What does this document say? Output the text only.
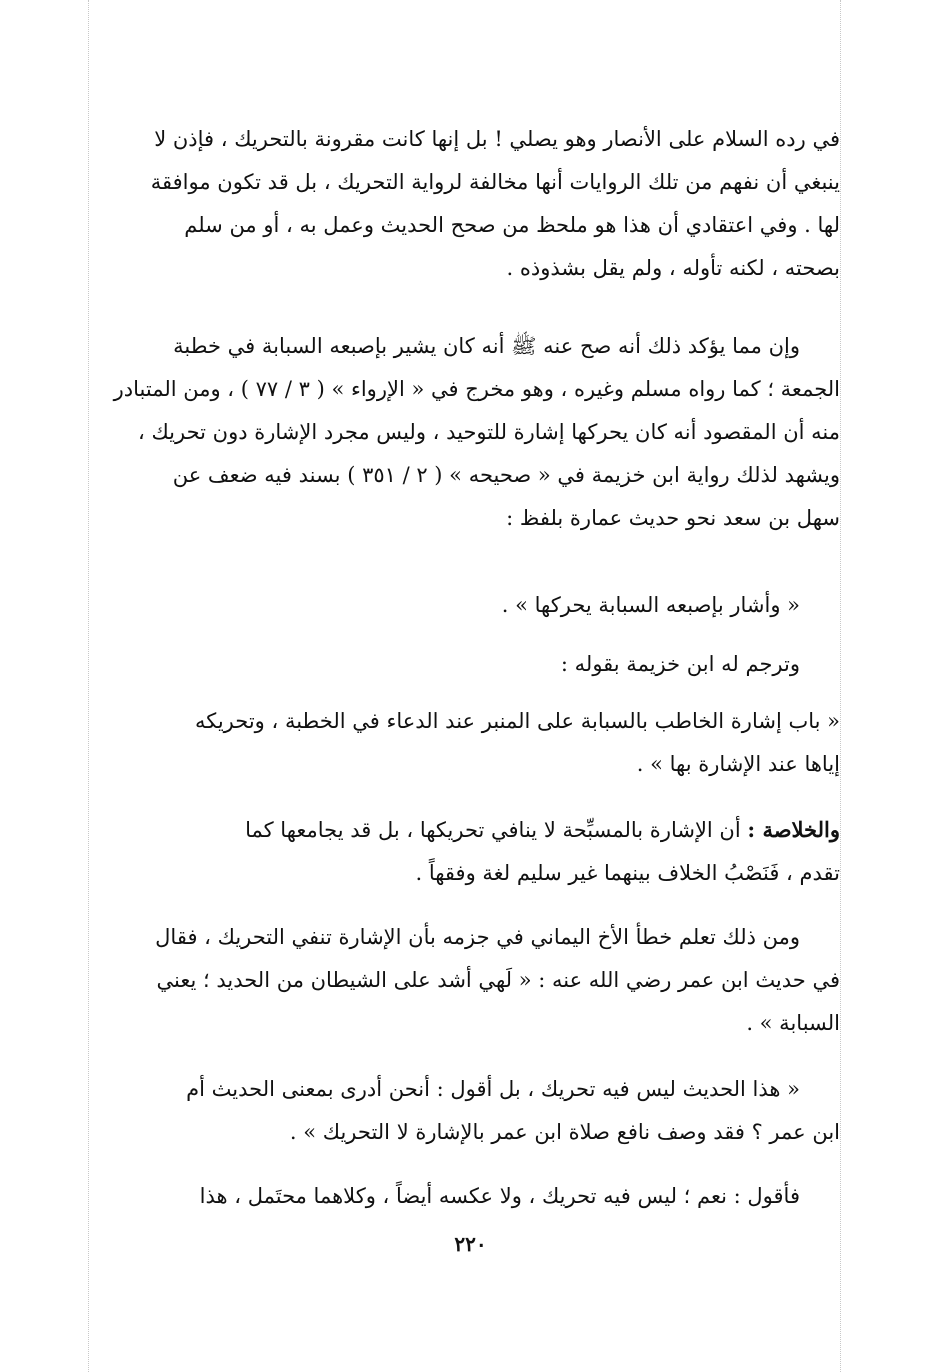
في رده السلام على الأنصار وهو يصلي ! بل إنها كانت مقرونة بالتحريك ، فإذن لا
ينبغي أن نفهم من تلك الروايات أنها مخالفة لرواية التحريك ، بل قد تكون موافقة
لها . وفي اعتقادي أن هذا هو ملحظ من صحح الحديث وعمل به ، أو من سلم
بصحته ، لكنه تأوله ، ولم يقل بشذوذه .
وإن مما يؤكد ذلك أنه صح عنه ﷺ أنه كان يشير بإصبعه السبابة في خطبة
الجمعة ؛ كما رواه مسلم وغيره ، وهو مخرج في « الإرواء » ( ٣ / ٧٧ ) ، ومن المتبادر
منه أن المقصود أنه كان يحركها إشارة للتوحيد ، وليس مجرد الإشارة دون تحريك ،
ويشهد لذلك رواية ابن خزيمة في « صحيحه » ( ٢ / ٣٥١ ) بسند فيه ضعف عن
سهل بن سعد نحو حديث عمارة بلفظ :
« وأشار بإصبعه السبابة يحركها » .
وترجم له ابن خزيمة بقوله :
« باب إشارة الخاطب بالسبابة على المنبر عند الدعاء في الخطبة ، وتحريكه
إياها عند الإشارة بها » .
والخلاصة : أن الإشارة بالمسبِّحة لا ينافي تحريكها ، بل قد يجامعها كما
تقدم ، فَنَصْبُ الخلاف بينهما غير سليم لغة وفقهاً .
ومن ذلك تعلم خطأ الأخ اليماني في جزمه بأن الإشارة تنفي التحريك ، فقال
في حديث ابن عمر رضي الله عنه : « لَهي أشد على الشيطان من الحديد ؛ يعني
السبابة » .
« هذا الحديث ليس فيه تحريك ، بل أقول : أنحن أدرى بمعنى الحديث أم
ابن عمر ؟ فقد وصف نافع صلاة ابن عمر بالإشارة لا التحريك » .
فأقول : نعم ؛ ليس فيه تحريك ، ولا عكسه أيضاً ، وكلاهما محتَمل ، هذا
٢٢٠
